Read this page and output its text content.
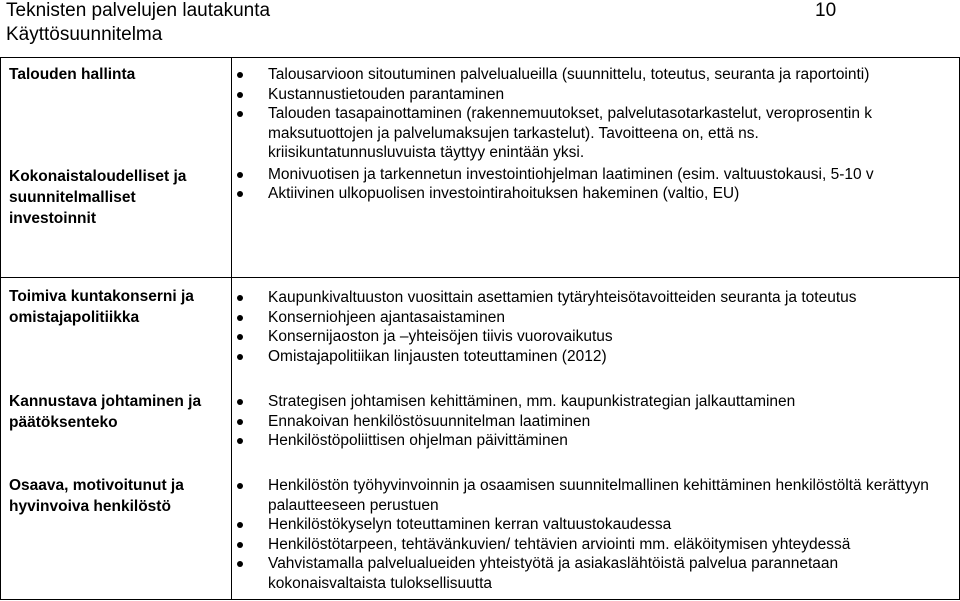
Teknisten palvelujen lautakunta	10
Käyttösuunnitelma
Talouden hallinta
Kokonaistaloudelliset ja suunnitelmalliset investoinnit
Talousarvioon sitoutuminen palvelualueilla (suunnittelu, toteutus, seuranta ja raportointi)
Kustannustietouden parantaminen
Talouden tasapainottaminen (rakennemuutokset, palvelutasotarkastelut, veroprosentin k
maksutuottojen ja palvelumaksujen tarkastelut). Tavoitteena on, että ns.
kriisikuntatunnusluvuista täyttyy enintään yksi.
Monivuotisen ja tarkennetun investointiohjelman laatiminen (esim. valtuustokausi, 5-10 v
Aktiivinen ulkopuolisen investointirahoituksen hakeminen (valtio, EU)
Toimiva kuntakonserni ja omistajapolitiikka
Kannustava johtaminen ja päätöksenteko
Osaava, motivoitunut ja hyvinvoiva henkilöstö
Kaupunkivaltuuston vuosittain asettamien tytäryhteisötavoitteiden seuranta ja toteutus
Konserniohjeen ajantasaistaminen
Konsernijaoston ja –yhteisöjen tiivis vuorovaikutus
Omistajapolitiikan linjausten toteuttaminen (2012)
Strategisen johtamisen kehittäminen, mm. kaupunkistrategian jalkauttaminen
Ennakoivan henkilöstösuunnitelman laatiminen
Henkilöstöpoliittisen ohjelman päivittäminen
Henkilöstön työhyvinvoinnin ja osaamisen suunnitelmallinen kehittäminen henkilöstöltä kerättyyn palautteeseen perustuen
Henkilöstökyselyn toteuttaminen kerran valtuustokaudessa
Henkilöstötarpeen, tehtävänkuvien/ tehtävien arviointi mm. eläköitymisen yhteydessä
Vahvistamalla palvelualueiden yhteistyötä ja asiakaslähtöistä palvelua parannetaan kokonaisvaltaista tuloksellisuutta
